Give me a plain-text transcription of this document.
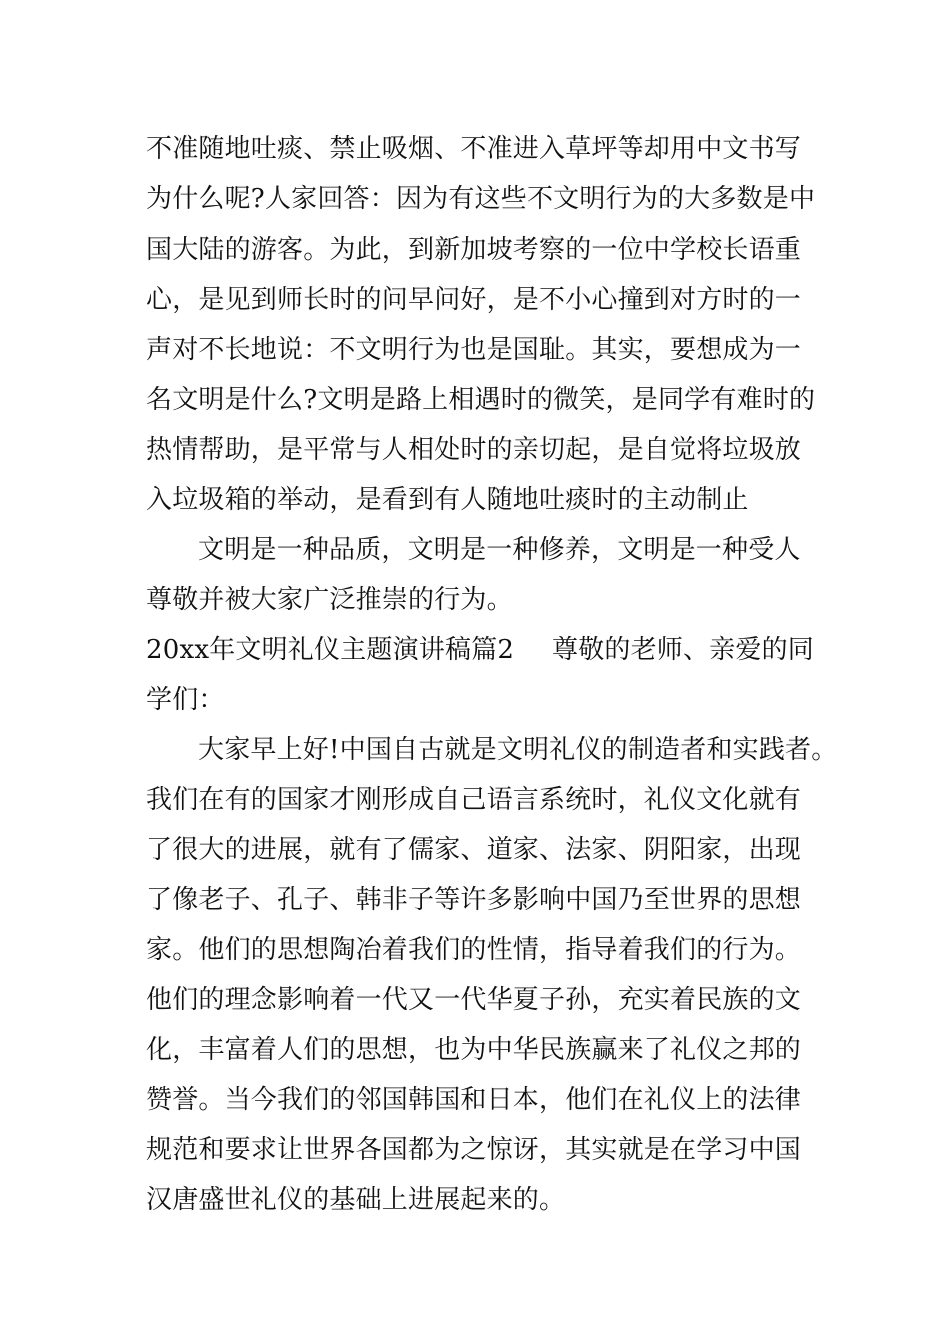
不准随地吐痰、禁止吸烟、不准进入草坪等却用中文书写
为什么呢?人家回答：因为有这些不文明行为的大多数是中
国大陆的游客。为此，到新加坡考察的一位中学校长语重
心，是见到师长时的问早问好，是不小心撞到对方时的一
声对不长地说：不文明行为也是国耻。其实，要想成为一
名文明是什么?文明是路上相遇时的微笑，是同学有难时的
热情帮助，是平常与人相处时的亲切起，是自觉将垃圾放
入垃圾箱的举动，是看到有人随地吐痰时的主动制止
文明是一种品质，文明是一种修养，文明是一种受人
尊敬并被大家广泛推崇的行为。
20xx年文明礼仪主题演讲稿篇2 尊敬的老师、亲爱的同
学们：
大家早上好!中国自古就是文明礼仪的制造者和实践者。
我们在有的国家才刚形成自己语言系统时，礼仪文化就有
了很大的进展，就有了儒家、道家、法家、阴阳家，出现
了像老子、孔子、韩非子等许多影响中国乃至世界的思想
家。他们的思想陶冶着我们的性情，指导着我们的行为。
他们的理念影响着一代又一代华夏子孙，充实着民族的文
化，丰富着人们的思想，也为中华民族赢来了礼仪之邦的
赞誉。当今我们的邻国韩国和日本，他们在礼仪上的法律
规范和要求让世界各国都为之惊讶，其实就是在学习中国
汉唐盛世礼仪的基础上进展起来的。
